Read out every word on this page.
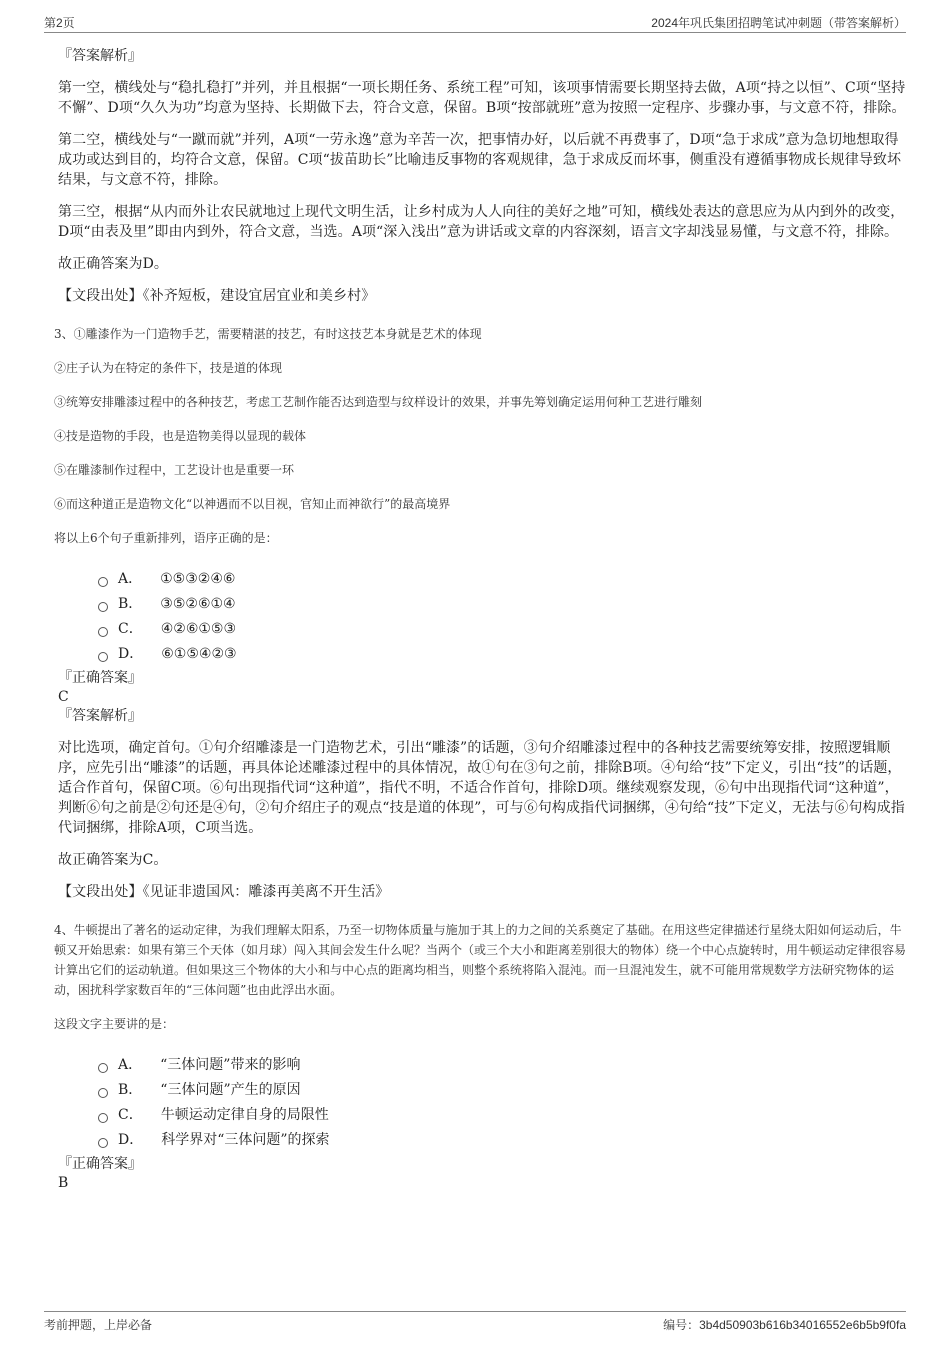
第2页	2024年巩氏集团招聘笔试冲刺题（带答案解析）

『答案解析』

第一空，横线处与“稳扎稳打”并列，并且根据“一项长期任务、系统工程”可知，该项事情需要长期坚持去做，A项“持之以恒”、C项“坚持不懈”、D项“久久为功”均意为坚持、长期做下去，符合文意，保留。B项“按部就班”意为按照一定程序、步骤办事，与文意不符，排除。

第二空，横线处与“一蹴而就”并列，A项“一劳永逸”意为辛苦一次，把事情办好，以后就不再费事了，D项“急于求成”意为急切地想取得成功或达到目的，均符合文意，保留。C项“拔苗助长”比喻违反事物的客观规律，急于求成反而坏事，侧重没有遵循事物成长规律导致坏结果，与文意不符，排除。

第三空，根据“从内而外让农民就地过上现代文明生活，让乡村成为人人向往的美好之地”可知，横线处表达的意思应为从内到外的改变，D项“由表及里”即由内到外，符合文意，当选。A项“深入浅出”意为讲话或文章的内容深刻，语言文字却浅显易懂，与文意不符，排除。

故正确答案为D。

【文段出处】《补齐短板，建设宜居宜业和美乡村》

3、①雕漆作为一门造物手艺，需要精湛的技艺，有时这技艺本身就是艺术的体现

②庄子认为在特定的条件下，技是道的体现

③统筹安排雕漆过程中的各种技艺，考虑工艺制作能否达到造型与纹样设计的效果，并事先筹划确定运用何种工艺进行雕刻

④技是造物的手段，也是造物美得以显现的载体

⑤在雕漆制作过程中，工艺设计也是重要一环

⑥而这种道正是造物文化“以神遇而不以目视，官知止而神欲行”的最高境界

将以上6个句子重新排列，语序正确的是：

A． ①⑤③②④⑥
B． ③⑤②⑥①④
C． ④②⑥①⑤③
D． ⑥①⑤④②③

『正确答案』

C

『答案解析』

对比选项，确定首句。①句介绍雕漆是一门造物艺术，引出“雕漆”的话题，③句介绍雕漆过程中的各种技艺需要统筹安排，按照逻辑顺序，应先引出“雕漆”的话题，再具体论述雕漆过程中的具体情况，故①句在③句之前，排除B项。④句给“技”下定义，引出“技”的话题，适合作首句，保留C项。⑥句出现指代词“这种道”，指代不明，不适合作首句，排除D项。继续观察发现，⑥句中出现指代词“这种道”，判断⑥句之前是②句还是④句，②句介绍庄子的观点“技是道的体现”，可与⑥句构成指代词捆绑，④句给“技”下定义，无法与⑥句构成指代词捆绑，排除A项，C项当选。

故正确答案为C。

【文段出处】《见证非遗国风：雕漆再美离不开生活》

4、牛顿提出了著名的运动定律，为我们理解太阳系，乃至一切物体质量与施加于其上的力之间的关系奠定了基础。在用这些定律描述行星绕太阳如何运动后，牛顿又开始思索：如果有第三个天体（如月球）闯入其间会发生什么呢？当两个（或三个大小和距离差别很大的物体）绕一个中心点旋转时，用牛顿运动定律很容易计算出它们的运动轨道。但如果这三个物体的大小和与中心点的距离均相当，则整个系统将陷入混沌。而一旦混沌发生，就不可能用常规数学方法研究物体的运动，困扰科学家数百年的“三体问题”也由此浮出水面。

这段文字主要讲的是：

A． “三体问题”带来的影响
B． “三体问题”产生的原因
C． 牛顿运动定律自身的局限性
D． 科学界对“三体问题”的探索

『正确答案』

B

考前押题，上岸必备	编号：3b4d50903b616b34016552e6b5b9f0fa
